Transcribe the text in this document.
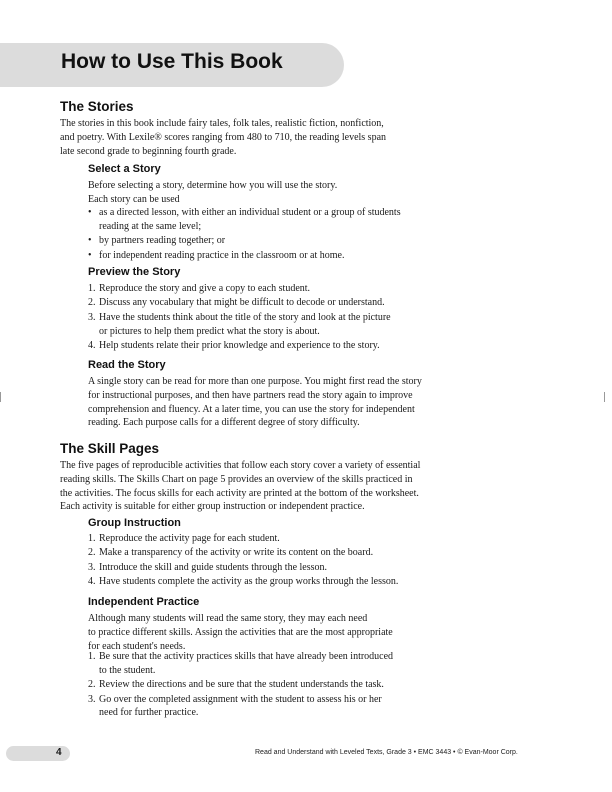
How to Use This Book
The Stories

The stories in this book include fairy tales, folk tales, realistic fiction, nonfiction,
and poetry. With Lexile® scores ranging from 480 to 710, the reading levels span
late second grade to beginning fourth grade.

Select a Story

Before selecting a story, determine how you will use the story.
Each story can be used

• as a directed lesson, with either an individual student or a group of students
reading at the same level;
• by partners reading together; or
• for independent reading practice in the classroom or at home.
Preview the Story
1. Reproduce the story and give a copy to each student.
2. Discuss any vocabulary that might be difficult to decode or understand.
3. Have the students think about the title of the story and look at the picture
or pictures to help them predict what the story is about.
4. Help students relate their prior knowledge and experience to the story.
Read the Story

A single story can be read for more than one purpose. You might first read the story
for instructional purposes, and then have partners read the story again to improve
comprehension and fluency. At a later time, you can use the story for independent
reading. Each purpose calls for a different degree of story difficulty.

The Skill Pages

The five pages of reproducible activities that follow each story cover a variety of essential
reading skills. The Skills Chart on page 5 provides an overview of the skills practiced in
the activities. The focus skills for each activity are printed at the bottom of the worksheet.
Each activity is suitable for either group instruction or independent practice.

Group Instruction
1. Reproduce the activity page for each student.
2. Make a transparency of the activity or write its content on the board.
3. Introduce the skill and guide students through the lesson.
4. Have students complete the activity as the group works through the lesson.
Independent Practice

Although many students will read the same story, they may each need
to practice different skills. Assign the activities that are the most appropriate
for each student's needs.

1. Be sure that the activity practices skills that have already been introduced
to the student.
2. Review the directions and be sure that the student understands the task.
3. Go over the completed assignment with the student to assess his or her
need for further practice.
4	Read and Understand with Leveled Texts, Grade 3 • EMC 3443 • © Evan-Moor Corp.
